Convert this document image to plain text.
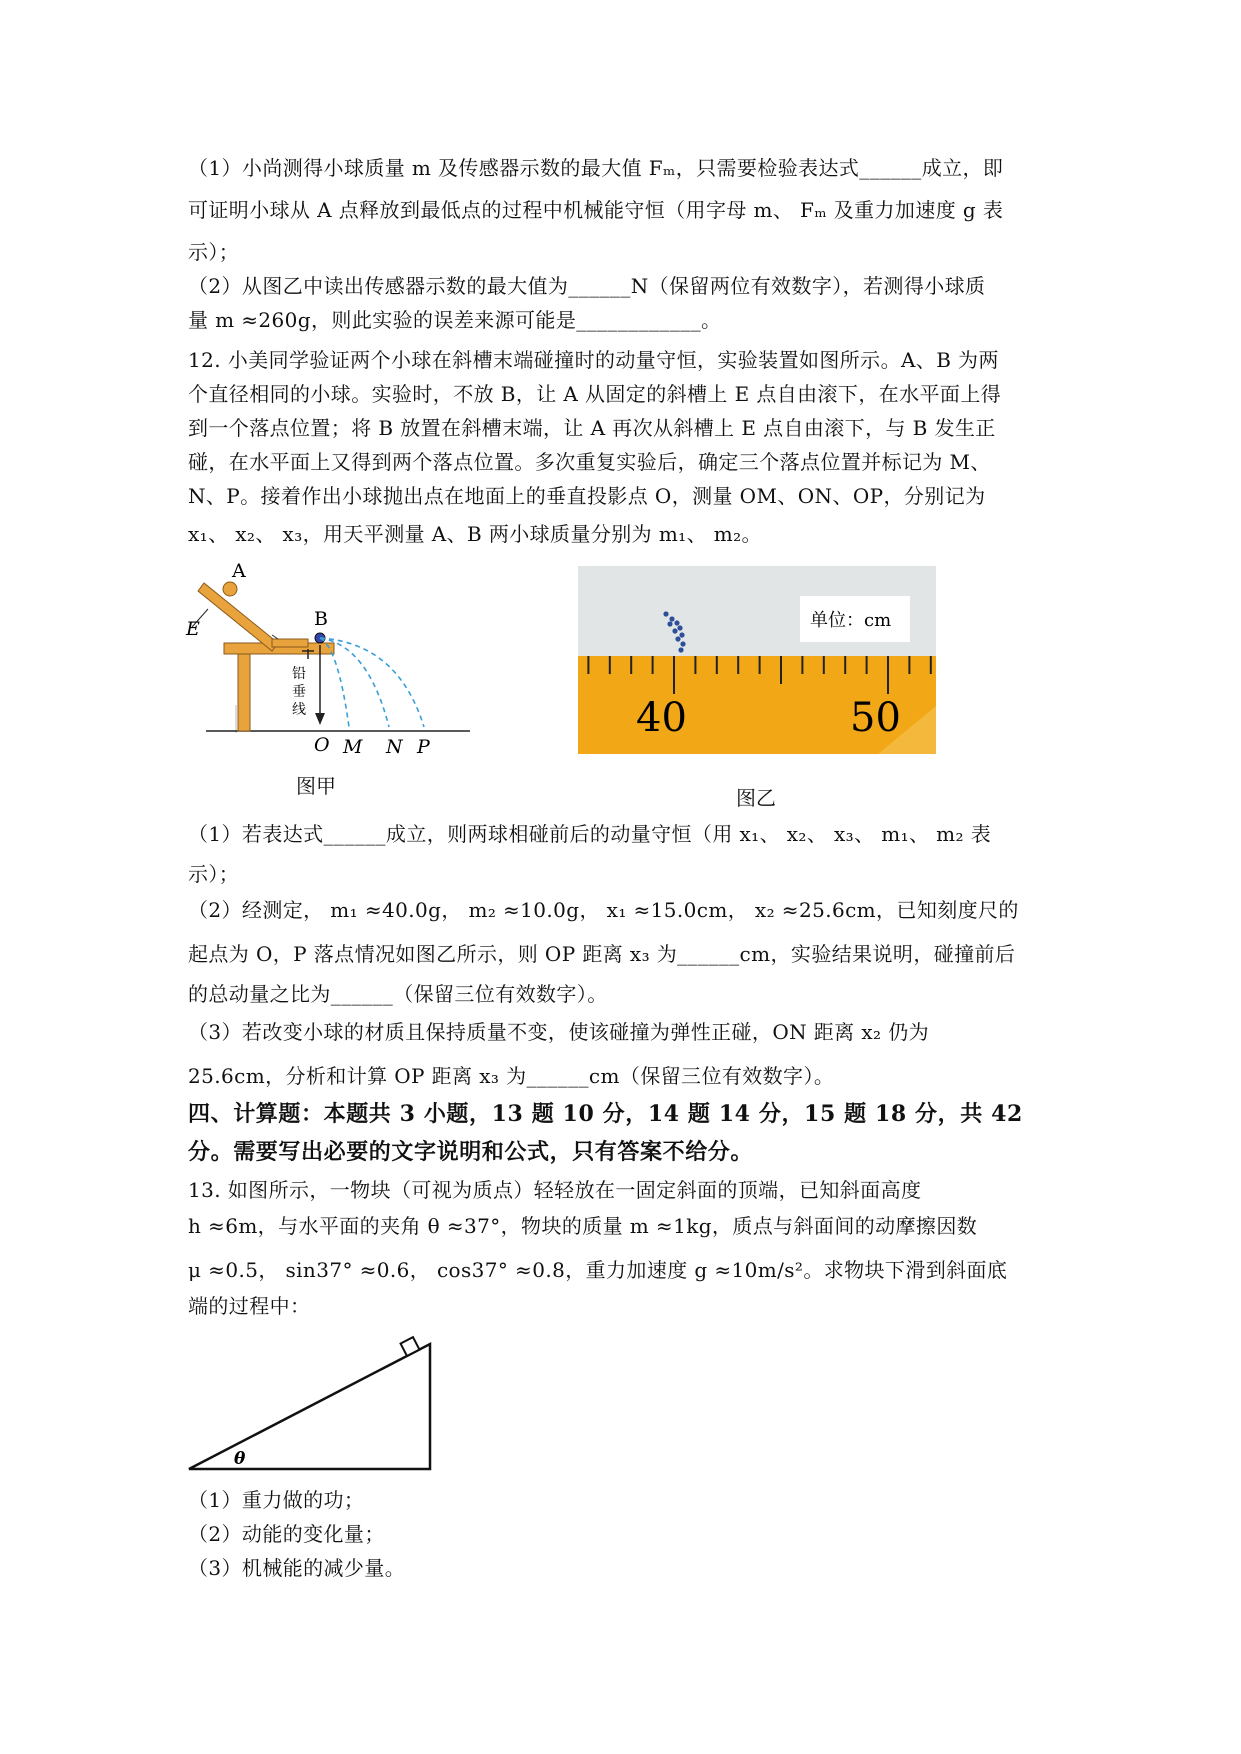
（1）小尚测得小球质量 m 及传感器示数的最大值 Fₘ，只需要检验表达式______成立，即
可证明小球从 A 点释放到最低点的过程中机械能守恒（用字母 m、 Fₘ 及重力加速度 g 表
示）；
（2）从图乙中读出传感器示数的最大值为______N（保留两位有效数字），若测得小球质
量 m ≈260g，则此实验的误差来源可能是____________。
12. 小美同学验证两个小球在斜槽末端碰撞时的动量守恒，实验装置如图所示。A、B 为两
个直径相同的小球。实验时，不放 B，让 A 从固定的斜槽上 E 点自由滚下，在水平面上得
到一个落点位置；将 B 放置在斜槽末端，让 A 再次从斜槽上 E 点自由滚下，与 B 发生正
碰，在水平面上又得到两个落点位置。多次重复实验后，确定三个落点位置并标记为 M、
N、P。接着作出小球抛出点在地面上的垂直投影点 O，测量 OM、ON、OP，分别记为
x₁、 x₂、 x₃，用天平测量 A、B 两小球质量分别为 m₁、 m₂。
A
B
E
铅
垂
线
O M N P
图甲
单位：cm
40	50
图乙
（1）若表达式______成立，则两球相碰前后的动量守恒（用 x₁、 x₂、 x₃、 m₁、 m₂ 表
示）；
（2）经测定， m₁ ≈40.0g， m₂ ≈10.0g， x₁ ≈15.0cm， x₂ ≈25.6cm，已知刻度尺的
起点为 O，P 落点情况如图乙所示，则 OP 距离 x₃ 为______cm，实验结果说明，碰撞前后
的总动量之比为______（保留三位有效数字）。
（3）若改变小球的材质且保持质量不变，使该碰撞为弹性正碰，ON 距离 x₂ 仍为
25.6cm，分析和计算 OP 距离 x₃ 为______cm（保留三位有效数字）。
四、计算题：本题共 3 小题，13 题 10 分，14 题 14 分，15 题 18 分，共 42
分。需要写出必要的文字说明和公式，只有答案不给分。
13. 如图所示，一物块（可视为质点）轻轻放在一固定斜面的顶端，已知斜面高度
h ≈6m，与水平面的夹角 θ ≈37°，物块的质量 m ≈1kg，质点与斜面间的动摩擦因数
μ ≈0.5， sin37° ≈0.6， cos37° ≈0.8，重力加速度 g ≈10m/s²。求物块下滑到斜面底
端的过程中：
θ
（1）重力做的功；
（2）动能的变化量；
（3）机械能的减少量。
